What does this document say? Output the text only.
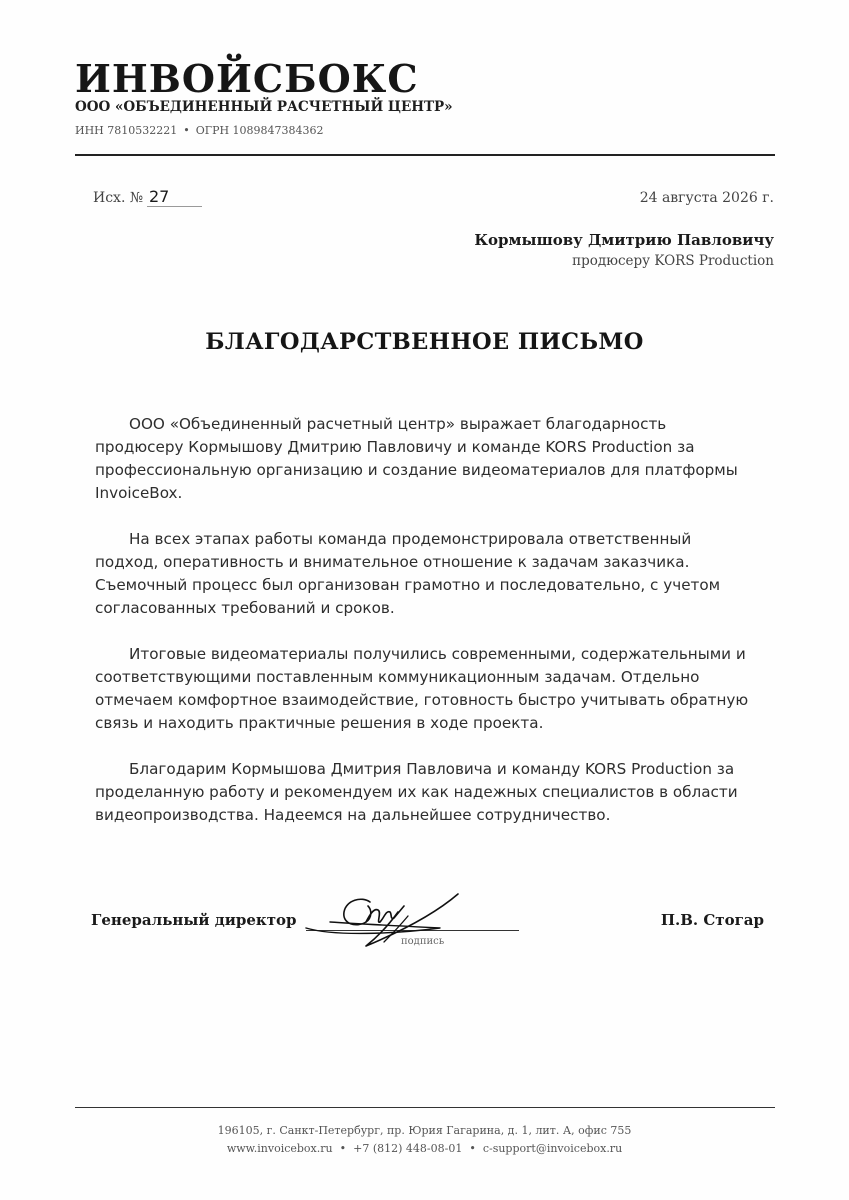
ИНВОЙСБОКС
ООО «ОБЪЕДИНЕННЫЙ РАСЧЕТНЫЙ ЦЕНТР»
ИНН 7810532221 • ОГРН 1089847384362
Исх. № 27	24 августа 2026 г.
Кормышову Дмитрию Павловичу
продюсеру KORS Production
БЛАГОДАРСТВЕННОЕ ПИСЬМО

ООО «Объединенный расчетный центр» выражает благодарность продюсеру Кормышову Дмитрию Павловичу и команде KORS Production за профессиональную организацию и создание видеоматериалов для платформы InvoiceBox.

На всех этапах работы команда продемонстрировала ответственный подход, оперативность и внимательное отношение к задачам заказчика. Съемочный процесс был организован грамотно и последовательно, с учетом согласованных требований и сроков.

Итоговые видеоматериалы получились современными, содержательными и соответствующими поставленным коммуникационным задачам. Отдельно отмечаем комфортное взаимодействие, готовность быстро учитывать обратную связь и находить практичные решения в ходе проекта.

Благодарим Кормышова Дмитрия Павловича и команду KORS Production за проделанную работу и рекомендуем их как надежных специалистов в области видеопроизводства. Надеемся на дальнейшее сотрудничество.

Генеральный директор
подпись
П.В. Стогар
196105, г. Санкт-Петербург, пр. Юрия Гагарина, д. 1, лит. А, офис 755
www.invoicebox.ru • +7 (812) 448-08-01 • c-support@invoicebox.ru
